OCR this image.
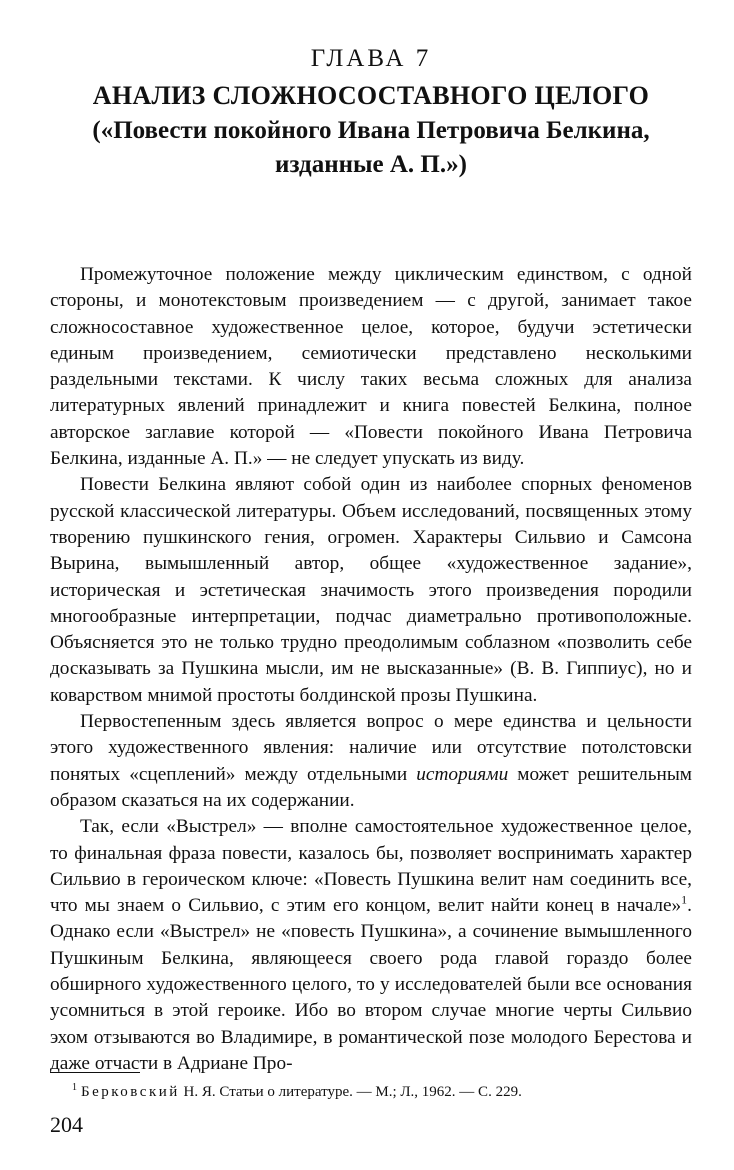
ГЛАВА 7
АНАЛИЗ СЛОЖНОСОСТАВНОГО ЦЕЛОГО
(«Повести покойного Ивана Петровича Белкина,
изданные А. П.»)

Промежуточное положение между циклическим единством, с одной стороны, и монотекстовым произведением — с другой, занимает такое сложносоставное художественное целое, которое, будучи эстетически единым произведением, семиотически представлено несколькими раздельными текстами. К числу таких весьма сложных для анализа литературных явлений принадлежит и книга повестей Белкина, полное авторское заглавие которой — «Повести покойного Ивана Петровича Белкина, изданные А. П.» — не следует упускать из виду.

Повести Белкина являют собой один из наиболее спорных феноменов русской классической литературы. Объем исследований, посвященных этому творению пушкинского гения, огромен. Характеры Сильвио и Самсона Вырина, вымышленный автор, общее «художественное задание», историческая и эстетическая значимость этого произведения породили многообразные интерпретации, подчас диаметрально противоположные. Объясняется это не только трудно преодолимым соблазном «позволить себе досказывать за Пушкина мысли, им не высказанные» (В. В. Гиппиус), но и коварством мнимой простоты болдинской прозы Пушкина.

Первостепенным здесь является вопрос о мере единства и цельности этого художественного явления: наличие или отсутствие потолстовски понятых «сцеплений» между отдельными историями может решительным образом сказаться на их содержании.

Так, если «Выстрел» — вполне самостоятельное художественное целое, то финальная фраза повести, казалось бы, позволяет воспринимать характер Сильвио в героическом ключе: «Повесть Пушкина велит нам соединить все, что мы знаем о Сильвио, с этим его концом, велит найти конец в начале»$^1$. Однако если «Выстрел» не «повесть Пушкина», а сочинение вымышленного Пушкиным Белкина, являющееся своего рода главой гораздо более обширного художественного целого, то у исследователей были все основания усомниться в этой героике. Ибо во втором случае многие черты Сильвио эхом отзываются во Владимире, в романтической позе молодого Берестова и даже отчасти в Адриане Про-

$^1$ Берковский Н. Я. Статьи о литературе. — М.; Л., 1962. — С. 229.

204
